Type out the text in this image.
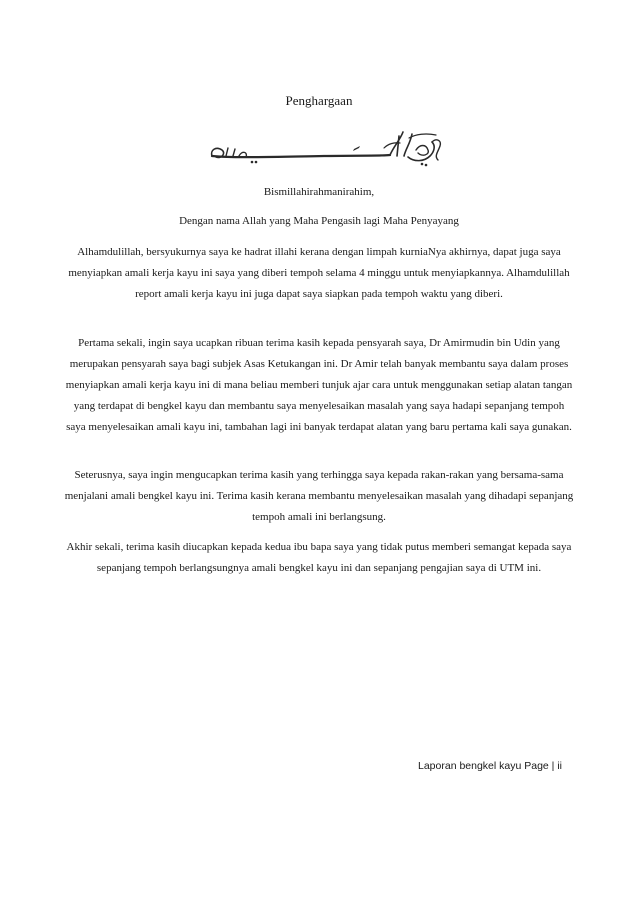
Penghargaan
Bismillahirahmanirahim,
Dengan nama Allah yang Maha Pengasih lagi Maha Penyayang

Alhamdulillah, bersyukurnya saya ke hadrat illahi kerana dengan limpah kurniaNya akhirnya, dapat juga saya menyiapkan amali kerja kayu ini saya yang diberi tempoh selama 4 minggu untuk menyiapkannya. Alhamdulillah report amali kerja kayu ini juga dapat saya siapkan pada tempoh waktu yang diberi.

Pertama sekali, ingin saya ucapkan ribuan terima kasih kepada pensyarah saya, Dr Amirmudin bin Udin yang merupakan pensyarah saya bagi subjek Asas Ketukangan ini. Dr Amir telah banyak membantu saya dalam proses menyiapkan amali kerja kayu ini di mana beliau memberi tunjuk ajar cara untuk menggunakan setiap alatan tangan yang terdapat di bengkel kayu dan membantu saya menyelesaikan masalah yang saya hadapi sepanjang tempoh saya menyelesaikan amali kayu ini, tambahan lagi ini banyak terdapat alatan yang baru pertama kali saya gunakan.

Seterusnya, saya ingin mengucapkan terima kasih yang terhingga saya kepada rakan-rakan yang bersama-sama menjalani amali bengkel kayu ini. Terima kasih kerana membantu menyelesaikan masalah yang dihadapi sepanjang tempoh amali ini berlangsung.

Akhir sekali, terima kasih diucapkan kepada kedua ibu bapa saya yang tidak putus memberi semangat kepada saya sepanjang tempoh berlangsungnya amali bengkel kayu ini dan sepanjang pengajian saya di UTM ini.

Laporan bengkel kayu Page | ii
